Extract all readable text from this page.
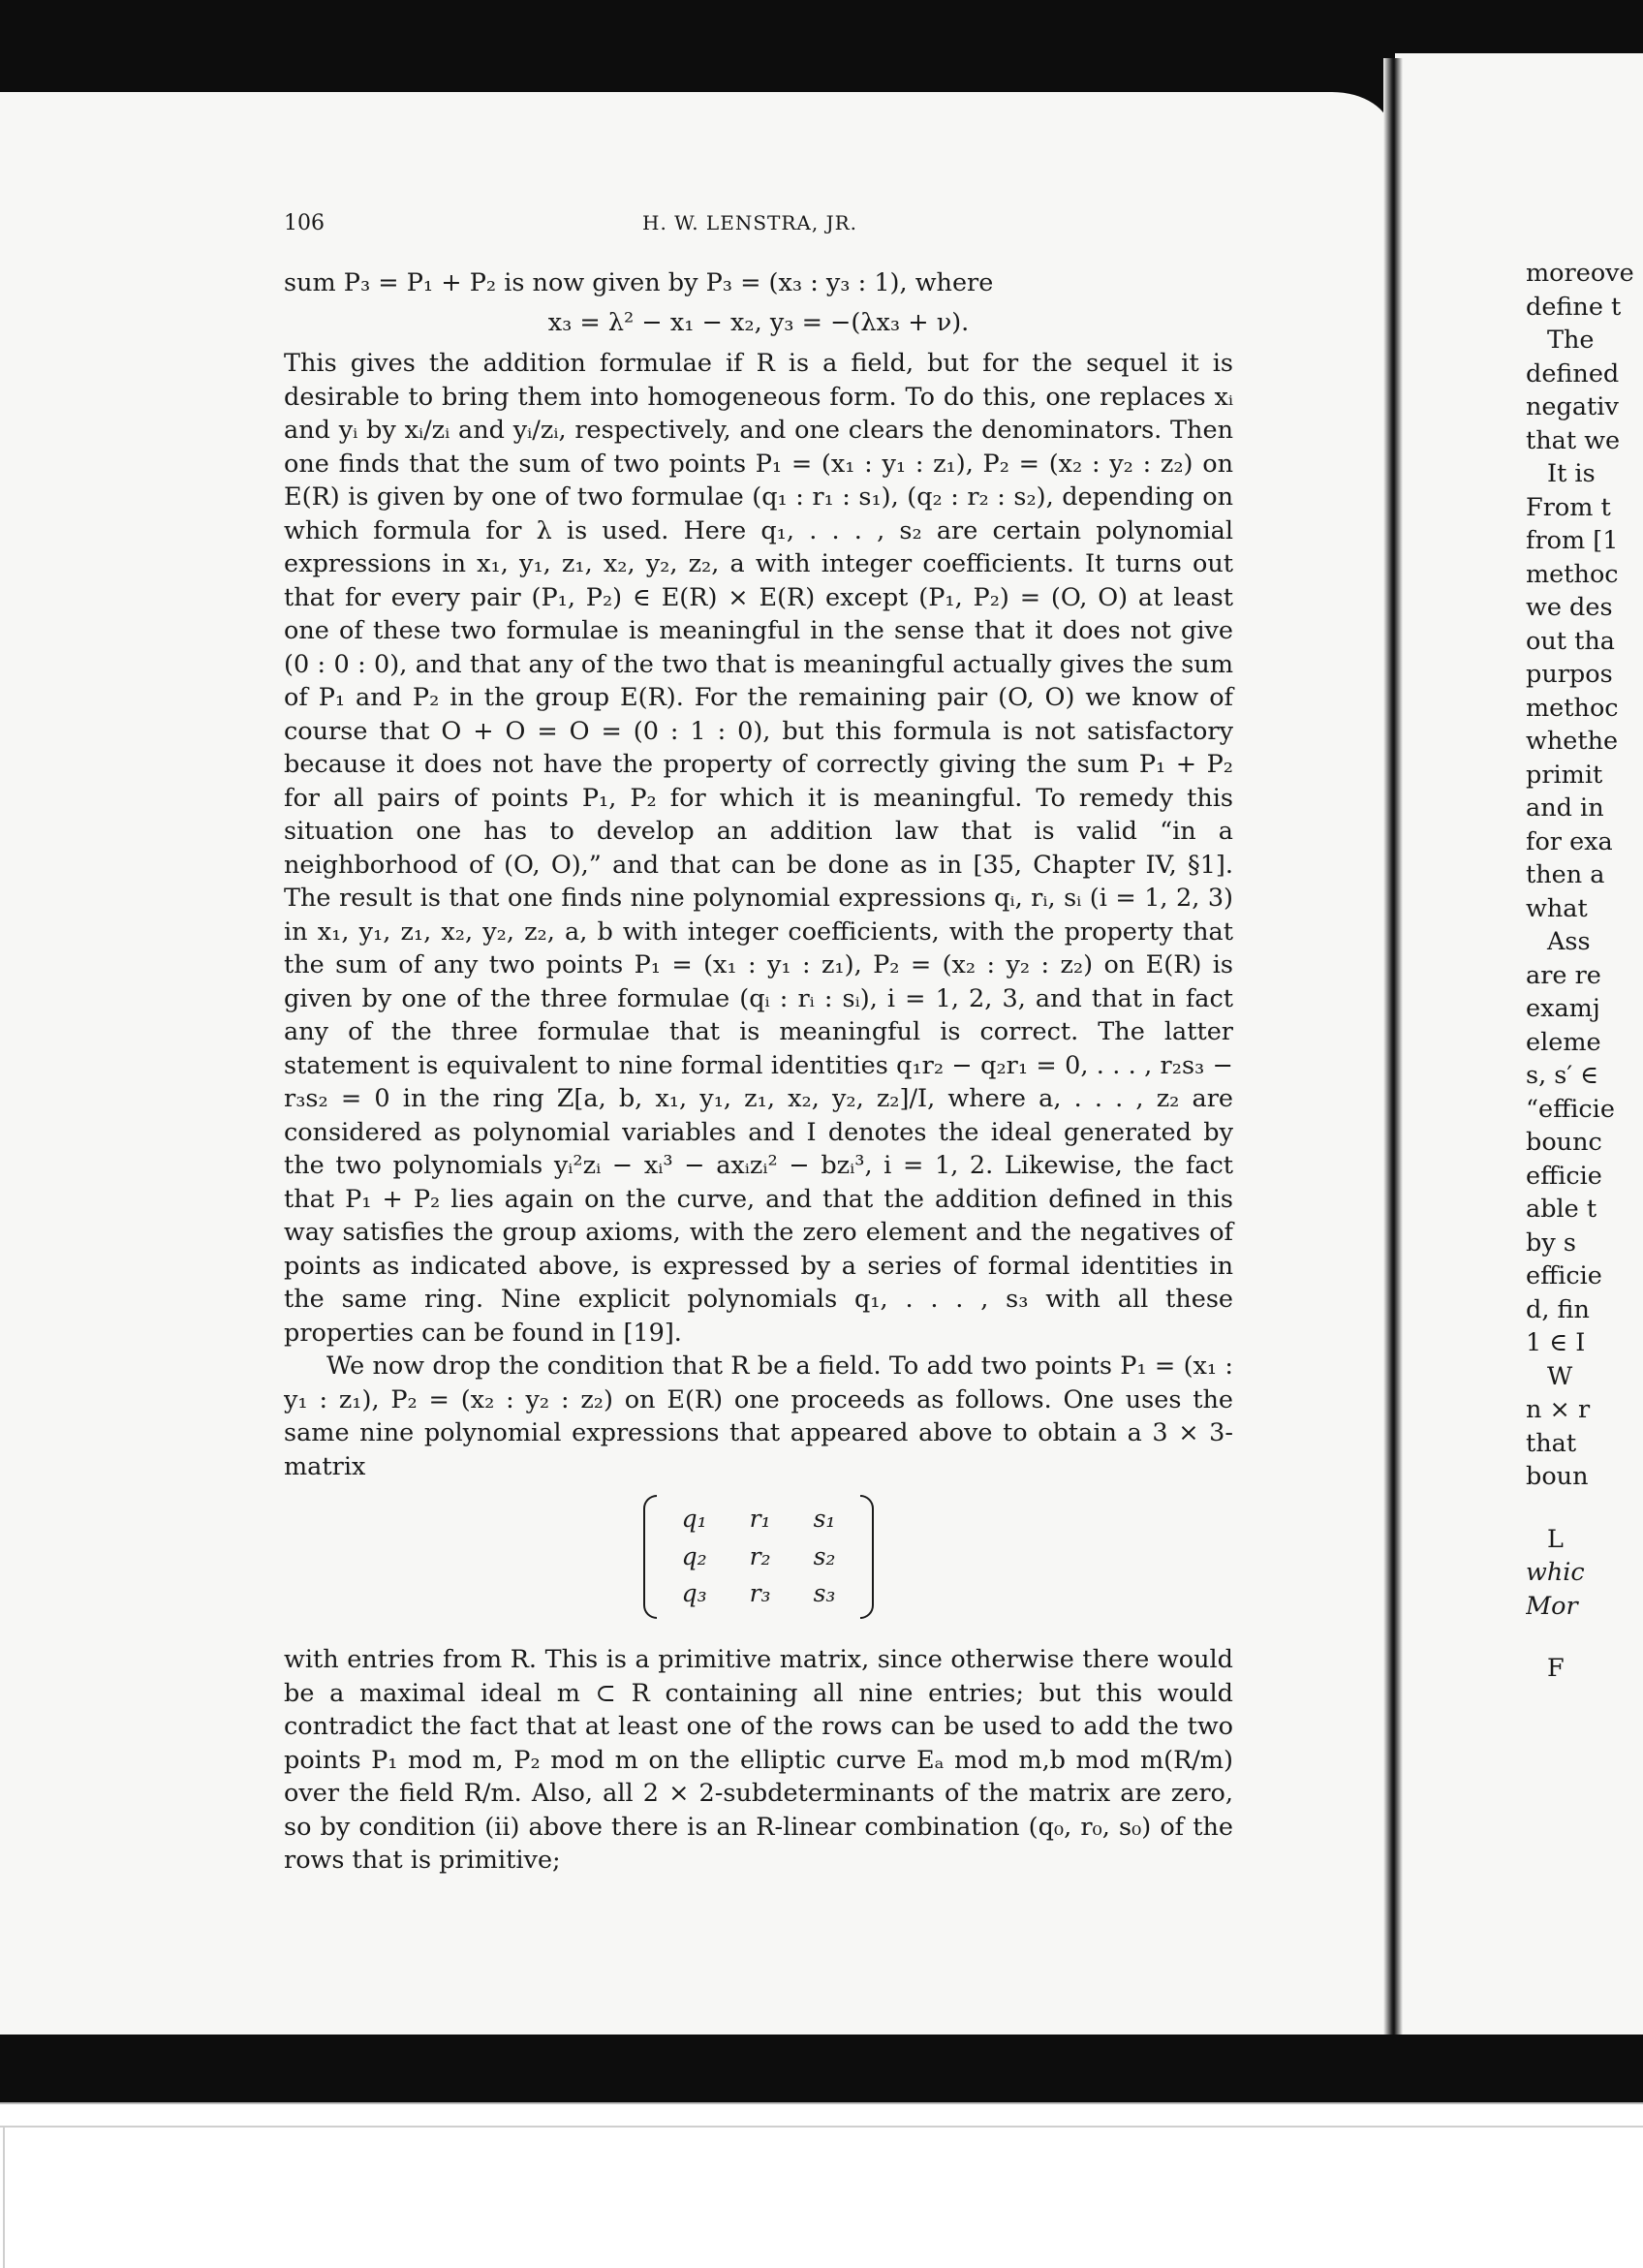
106	H. W. LENSTRA, JR.

sum P₃ = P₁ + P₂ is now given by P₃ = (x₃ : y₃ : 1), where

x₃ = λ² − x₁ − x₂, y₃ = −(λx₃ + ν).

This gives the addition formulae if R is a field, but for the sequel it is desirable to bring them into homogeneous form. To do this, one replaces xᵢ and yᵢ by xᵢ/zᵢ and yᵢ/zᵢ, respectively, and one clears the denominators. Then one finds that the sum of two points P₁ = (x₁ : y₁ : z₁), P₂ = (x₂ : y₂ : z₂) on E(R) is given by one of two formulae (q₁ : r₁ : s₁), (q₂ : r₂ : s₂), depending on which formula for λ is used. Here q₁, . . . , s₂ are certain polynomial expressions in x₁, y₁, z₁, x₂, y₂, z₂, a with integer coefficients. It turns out that for every pair (P₁, P₂) ∈ E(R) × E(R) except (P₁, P₂) = (O, O) at least one of these two formulae is meaningful in the sense that it does not give (0 : 0 : 0), and that any of the two that is meaningful actually gives the sum of P₁ and P₂ in the group E(R). For the remaining pair (O, O) we know of course that O + O = O = (0 : 1 : 0), but this formula is not satisfactory because it does not have the property of correctly giving the sum P₁ + P₂ for all pairs of points P₁, P₂ for which it is meaningful. To remedy this situation one has to develop an addition law that is valid “in a neighborhood of (O, O),” and that can be done as in [35, Chapter IV, §1]. The result is that one finds nine polynomial expressions qᵢ, rᵢ, sᵢ (i = 1, 2, 3) in x₁, y₁, z₁, x₂, y₂, z₂, a, b with integer coefficients, with the property that the sum of any two points P₁ = (x₁ : y₁ : z₁), P₂ = (x₂ : y₂ : z₂) on E(R) is given by one of the three formulae (qᵢ : rᵢ : sᵢ), i = 1, 2, 3, and that in fact any of the three formulae that is meaningful is correct. The latter statement is equivalent to nine formal identities q₁r₂ − q₂r₁ = 0, . . . , r₂s₃ − r₃s₂ = 0 in the ring Z[a, b, x₁, y₁, z₁, x₂, y₂, z₂]/I, where a, . . . , z₂ are considered as polynomial variables and I denotes the ideal generated by the two polynomials yᵢ²zᵢ − xᵢ³ − axᵢzᵢ² − bzᵢ³, i = 1, 2. Likewise, the fact that P₁ + P₂ lies again on the curve, and that the addition defined in this way satisfies the group axioms, with the zero element and the negatives of points as indicated above, is expressed by a series of formal identities in the same ring. Nine explicit polynomials q₁, . . . , s₃ with all these properties can be found in [19].

We now drop the condition that R be a field. To add two points P₁ = (x₁ : y₁ : z₁), P₂ = (x₂ : y₂ : z₂) on E(R) one proceeds as follows. One uses the same nine polynomial expressions that appeared above to obtain a 3 × 3-matrix

q₁	r₁	s₁
q₂	r₂	s₂
q₃	r₃	s₃

with entries from R. This is a primitive matrix, since otherwise there would be a maximal ideal m ⊂ R containing all nine entries; but this would contradict the fact that at least one of the rows can be used to add the two points P₁ mod m, P₂ mod m on the elliptic curve Eₐ mod m,b mod m(R/m) over the field R/m. Also, all 2 × 2-subdeterminants of the matrix are zero, so by condition (ii) above there is an R-linear combination (q₀, r₀, s₀) of the rows that is primitive;

moreove
define t
The
defined
negativ
that we
It is
From t
from [1
methoc
we des
out tha
purpos
methoc
whethe
primit
and in
for exa
then a
what
Ass
are re
examj
eleme
s, s′ ∈
“efficie
bounc
efficie
able t
by s
efficie
d, fin
1 ∈ I
W
n × r
that
boun
L
whic
Mor
F
